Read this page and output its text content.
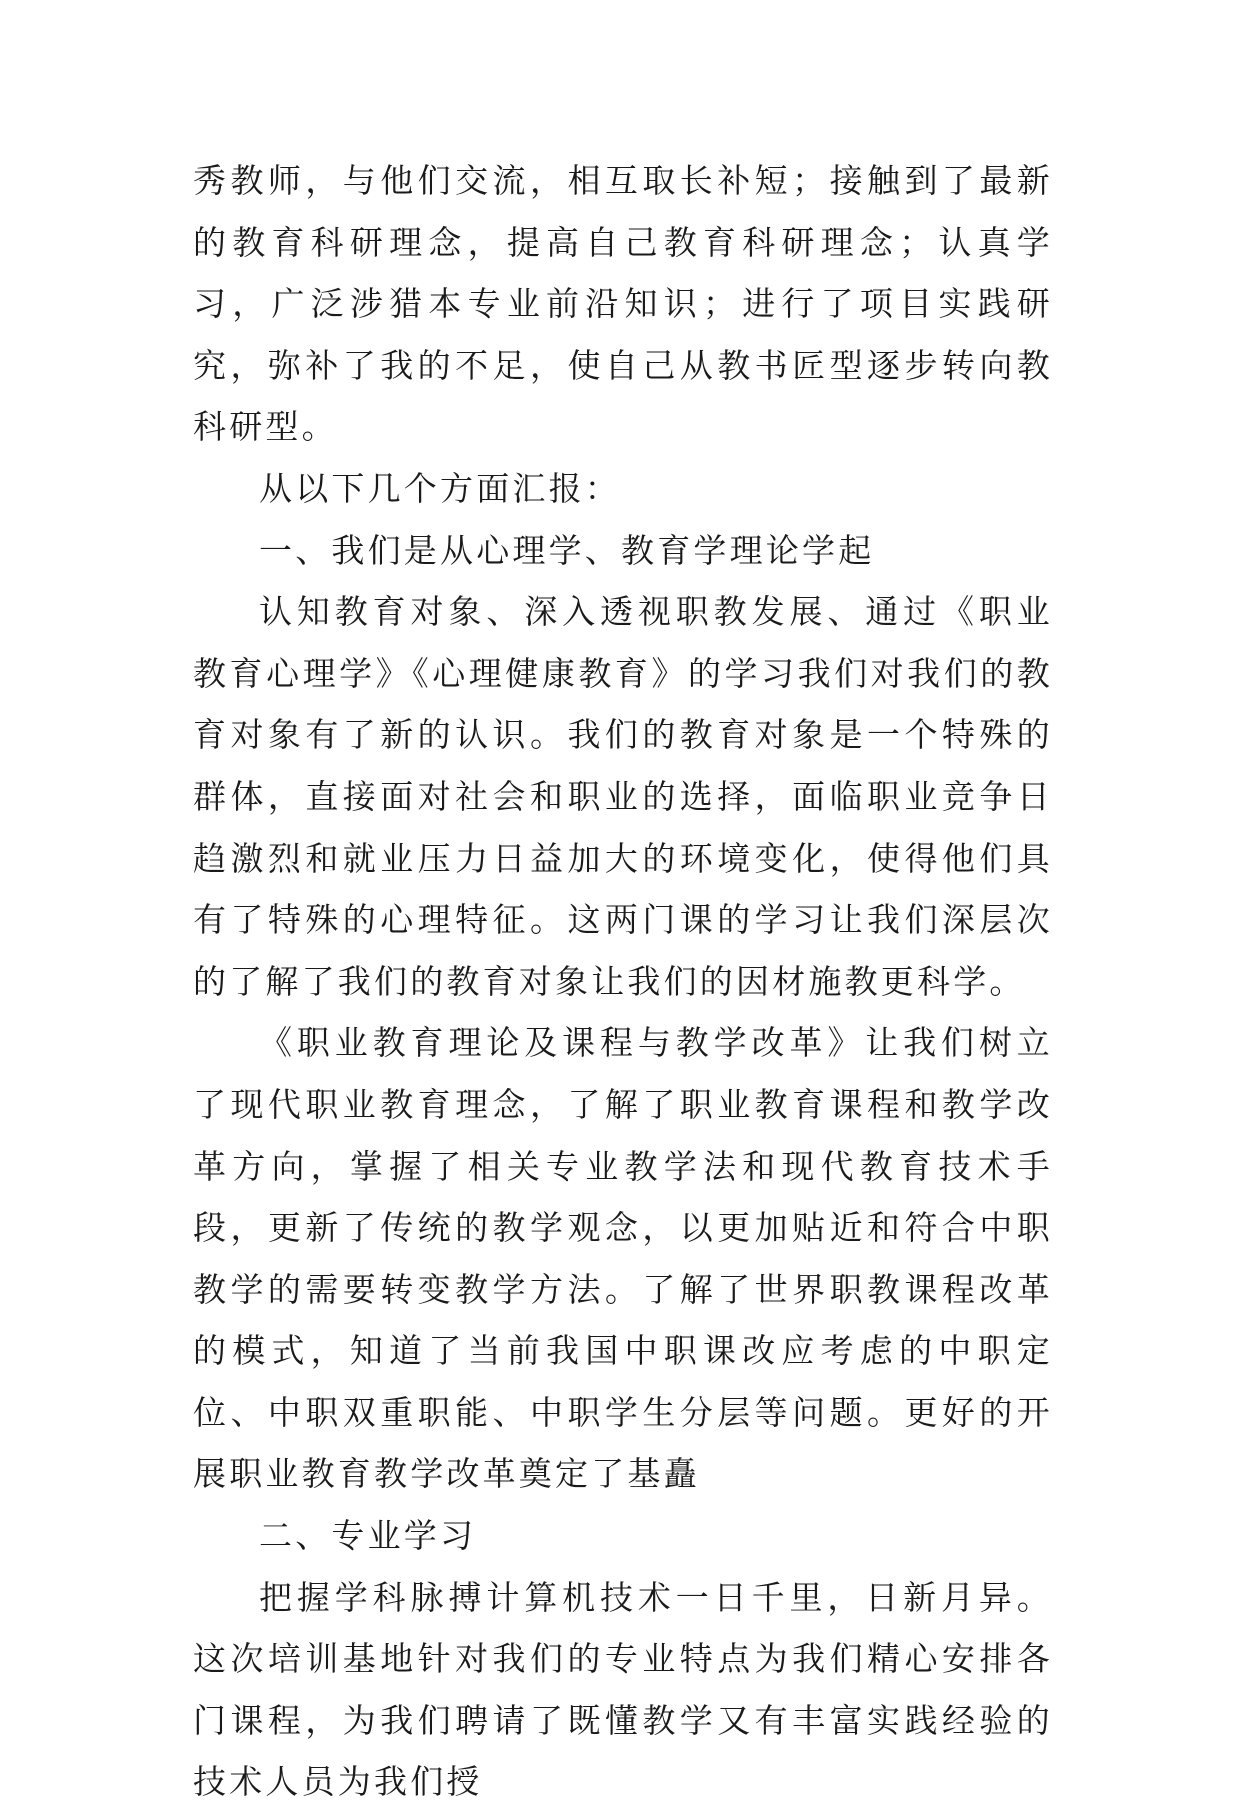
秀教师，与他们交流，相互取长补短；接触到了最新的教育科研理念，提高自己教育科研理念；认真学习，广泛涉猎本专业前沿知识；进行了项目实践研究，弥补了我的不足，使自己从教书匠型逐步转向教科研型。

从以下几个方面汇报：

一、我们是从心理学、教育学理论学起

认知教育对象、深入透视职教发展、通过《职业教育心理学》《心理健康教育》的学习我们对我们的教育对象有了新的认识。我们的教育对象是一个特殊的群体，直接面对社会和职业的选择，面临职业竞争日趋激烈和就业压力日益加大的环境变化，使得他们具有了特殊的心理特征。这两门课的学习让我们深层次的了解了我们的教育对象让我们的因材施教更科学。

《职业教育理论及课程与教学改革》让我们树立了现代职业教育理念，了解了职业教育课程和教学改革方向，掌握了相关专业教学法和现代教育技术手段，更新了传统的教学观念，以更加贴近和符合中职教学的需要转变教学方法。了解了世界职教课程改革的模式，知道了当前我国中职课改应考虑的中职定位、中职双重职能、中职学生分层等问题。更好的开展职业教育教学改革奠定了基矗

二、专业学习

把握学科脉搏计算机技术一日千里，日新月异。这次培训基地针对我们的专业特点为我们精心安排各门课程，为我们聘请了既懂教学又有丰富实践经验的技术人员为我们授
